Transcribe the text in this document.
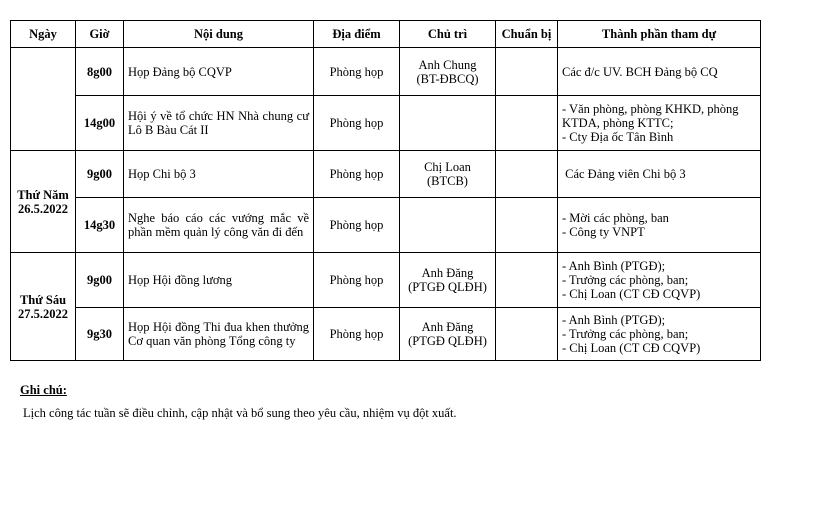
Ngày	Giờ	Nội dung	Địa điểm	Chủ trì	Chuẩn bị	Thành phần tham dự
	8g00	Họp Đảng bộ CQVP	Phòng họp	Anh Chung
(BT-ĐBCQ)		Các đ/c UV. BCH Đảng bộ CQ

	14g00	Hội ý về tổ chức HN Nhà chung cư Lô B Bàu Cát II	Phòng họp			- Văn phòng, phòng KHKD, phòng KTDA, phòng KTTC;
- Cty Địa ốc Tân Bình

Thứ Năm
26.5.2022	9g00	Họp Chi bộ 3	Phòng họp	Chị Loan
(BTCB)		Các Đảng viên Chi bộ 3

	14g30	Nghe báo cáo các vướng mắc về phần mềm quản lý công văn đi đến	Phòng họp			- Mời các phòng, ban
- Công ty VNPT

Thứ Sáu
27.5.2022	9g00	Họp Hội đồng lương	Phòng họp	Anh Đăng
(PTGĐ QLĐH)		- Anh Bình (PTGĐ);
- Trưởng các phòng, ban;
- Chị Loan (CT CĐ CQVP)

	9g30	Họp Hội đồng Thi đua khen thưởng Cơ quan văn phòng Tổng công ty	Phòng họp	Anh Đăng
(PTGĐ QLĐH)		- Anh Bình (PTGĐ);
- Trưởng các phòng, ban;
- Chị Loan (CT CĐ CQVP)
Ghi chú:
Lịch công tác tuần sẽ điều chỉnh, cập nhật và bổ sung theo yêu cầu, nhiệm vụ đột xuất.
